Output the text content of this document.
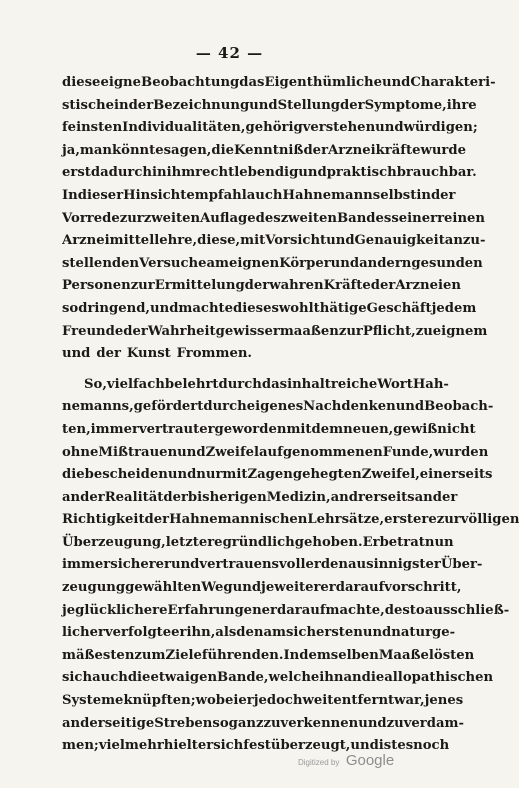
— 42 —
diese eigne Beobachtung das Eigenthümliche und Charakteri-
stische in der Bezeichnung und Stellung der Symptome, ihre
feinsten Individualitäten, gehörig verstehen und würdigen;
ja, man könnte sagen, die Kenntniß der Arzneikräfte wurde
erst dadurch in ihm recht lebendig und praktisch brauchbar.
In dieser Hinsicht empfahl auch Hahnemann selbst in der
Vorrede zur zweiten Auflage des zweiten Bandes seiner reinen
Arzneimittellehre, diese, mit Vorsicht und Genauigkeit anzu-
stellenden Versuche am eignen Körper und andern gesunden
Personen zur Ermittelung der wahren Kräfte der Arzneien
so dringend, und machte dieses wohlthätige Geschäft jedem
Freunde der Wahrheit gewissermaaßen zur Pflicht, zu eignem
und der Kunst Frommen.
So, vielfach belehrt durch das inhaltreiche Wort Hah-
nemanns, gefördert durch eigenes Nachdenken und Beobach-
ten, immer vertrauter geworden mit dem neuen, gewiß nicht
ohne Mißtrauen und Zweifel aufgenommenen Funde, wurden
die bescheiden und nur mit Zagen gehegten Zweifel, einerseits
an der Realität der bisherigen Medizin, andrerseits an der
Richtigkeit der Hahnemannischen Lehrsätze, erstere zur völligen
Überzeugung, letztere gründlich gehoben. Er betrat nun
immer sicherer und vertrauensvoller den aus innigster Über-
zeugung gewählten Weg und je weiter er darauf vorschritt,
je glücklichere Erfahrungen er darauf machte, desto ausschließ-
licher verfolgte er ihn, als den am sichersten und naturge-
mäßesten zum Ziele führenden. In demselben Maaße lösten
sich auch die etwaigen Bande, welche ihn an die allopathischen
Systeme knüpften; wobei er jedoch weit entfernt war, jenes
anderseitige Streben so ganz zu verkennen und zu verdam-
men; vielmehr hielt er sich fest überzeugt, und ist es noch
Digitized by Google
